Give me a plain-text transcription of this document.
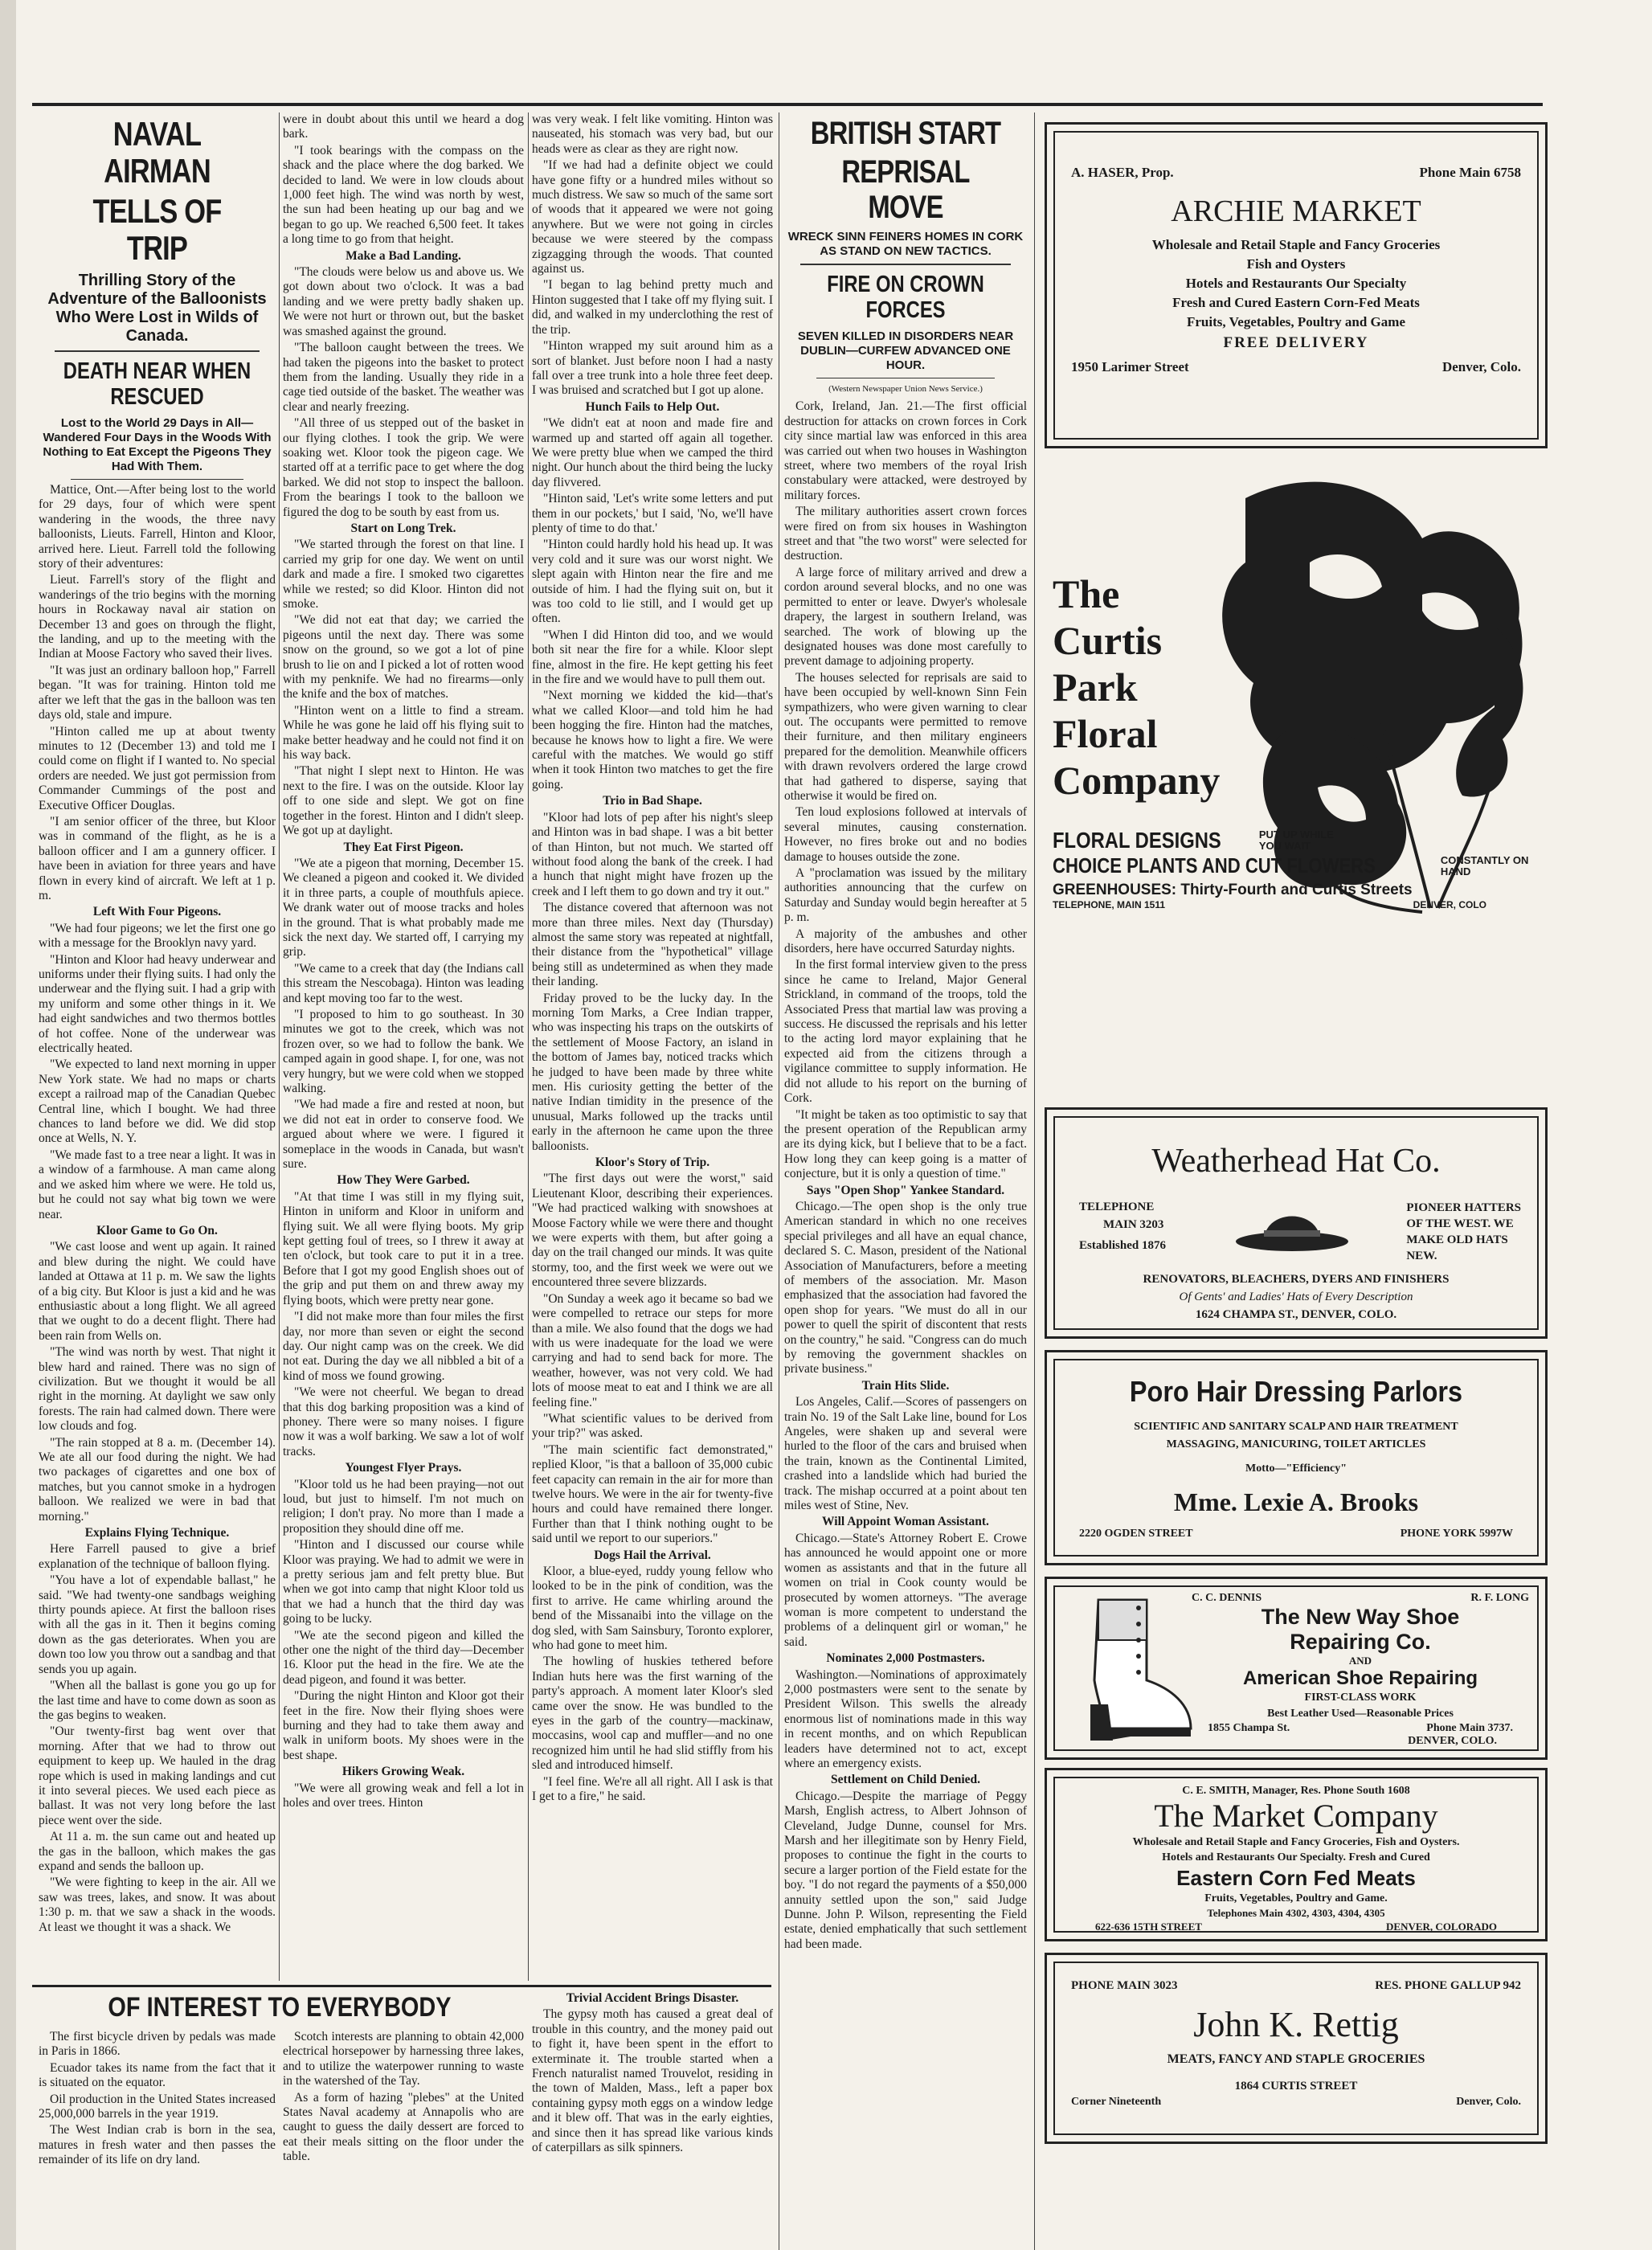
NAVAL AIRMAN
TELLS OF TRIP
Thrilling Story of the Adventure of the Balloonists Who Were Lost in Wilds of Canada.
DEATH NEAR WHEN RESCUED
Lost to the World 29 Days in All—Wandered Four Days in the Woods With Nothing to Eat Except the Pigeons They Had With Them.

Mattice, Ont.—After being lost to the world for 29 days, four of which were spent wandering in the woods, the three navy balloonists, Lieuts. Farrell, Hinton and Kloor, arrived here. Lieut. Farrell told the following story of their adventures:

Lieut. Farrell's story of the flight and wanderings of the trio begins with the morning hours in Rockaway naval air station on December 13 and goes on through the flight, the landing, and up to the meeting with the Indian at Moose Factory who saved their lives.

"It was just an ordinary balloon hop," Farrell began. "It was for training. Hinton told me after we left that the gas in the balloon was ten days old, stale and impure.

"Hinton called me up at about twenty minutes to 12 (December 13) and told me I could come on flight if I wanted to. No special orders are needed. We just got permission from Commander Cummings of the post and Executive Officer Douglas.

"I am senior officer of the three, but Kloor was in command of the flight, as he is a balloon officer and I am a gunnery officer. I have been in aviation for three years and have flown in every kind of aircraft. We left at 1 p. m.

Left With Four Pigeons.

"We had four pigeons; we let the first one go with a message for the Brooklyn navy yard.

"Hinton and Kloor had heavy underwear and uniforms under their flying suits. I had only the underwear and the flying suit. I had a grip with my uniform and some other things in it. We had eight sandwiches and two thermos bottles of hot coffee. None of the underwear was electrically heated.

"We expected to land next morning in upper New York state. We had no maps or charts except a railroad map of the Canadian Quebec Central line, which I bought. We had three chances to land before we did. We did stop once at Wells, N. Y.

"We made fast to a tree near a light. It was in a window of a farmhouse. A man came along and we asked him where we were. He told us, but he could not say what big town we were near.

Kloor Game to Go On.

"We cast loose and went up again. It rained and blew during the night. We could have landed at Ottawa at 11 p. m. We saw the lights of a big city. But Kloor is just a kid and he was enthusiastic about a long flight. We all agreed that we ought to do a decent flight. There had been rain from Wells on.

"The wind was north by west. That night it blew hard and rained. There was no sign of civilization. But we thought it would be all right in the morning. At daylight we saw only forests. The rain had calmed down. There were low clouds and fog.

"The rain stopped at 8 a. m. (December 14). We ate all our food during the night. We had two packages of cigarettes and one box of matches, but you cannot smoke in a hydrogen balloon. We realized we were in bad that morning."

Explains Flying Technique.

Here Farrell paused to give a brief explanation of the technique of balloon flying.

"You have a lot of expendable ballast," he said. "We had twenty-one sandbags weighing thirty pounds apiece. At first the balloon rises with all the gas in it. Then it begins coming down as the gas deteriorates. When you are down too low you throw out a sandbag and that sends you up again.

"When all the ballast is gone you go up for the last time and have to come down as soon as the gas begins to weaken.

"Our twenty-first bag went over that morning. After that we had to throw out equipment to keep up. We hauled in the drag rope which is used in making landings and cut it into several pieces. We used each piece as ballast. It was not very long before the last piece went over the side.

At 11 a. m. the sun came out and heated up the gas in the balloon, which makes the gas expand and sends the balloon up.

"We were fighting to keep in the air. All we saw was trees, lakes, and snow. It was about 1:30 p. m. that we saw a shack in the woods. At least we thought it was a shack. We

were in doubt about this until we heard a dog bark.

"I took bearings with the compass on the shack and the place where the dog barked. We decided to land. We were in low clouds about 1,000 feet high. The wind was north by west, the sun had been heating up our bag and we began to go up. We reached 6,500 feet. It takes a long time to go from that height.

Make a Bad Landing.

"The clouds were below us and above us. We got down about two o'clock. It was a bad landing and we were pretty badly shaken up. We were not hurt or thrown out, but the basket was smashed against the ground.

"The balloon caught between the trees. We had taken the pigeons into the basket to protect them from the landing. Usually they ride in a cage tied outside of the basket. The weather was clear and nearly freezing.

"All three of us stepped out of the basket in our flying clothes. I took the grip. We were soaking wet. Kloor took the pigeon cage. We started off at a terrific pace to get where the dog barked. We did not stop to inspect the balloon. From the bearings I took to the balloon we figured the dog to be south by east from us.

Start on Long Trek.

"We started through the forest on that line. I carried my grip for one day. We went on until dark and made a fire. I smoked two cigarettes while we rested; so did Kloor. Hinton did not smoke.

"We did not eat that day; we carried the pigeons until the next day. There was some snow on the ground, so we got a lot of pine brush to lie on and I picked a lot of rotten wood with my penknife. We had no firearms—only the knife and the box of matches.

"Hinton went on a little to find a stream. While he was gone he laid off his flying suit to make better headway and he could not find it on his way back.

"That night I slept next to Hinton. He was next to the fire. I was on the outside. Kloor lay off to one side and slept. We got on fine together in the forest. Hinton and I didn't sleep. We got up at daylight.

They Eat First Pigeon.

"We ate a pigeon that morning, December 15. We cleaned a pigeon and cooked it. We divided it in three parts, a couple of mouthfuls apiece. We drank water out of moose tracks and holes in the ground. That is what probably made me sick the next day. We started off, I carrying my grip.

"We came to a creek that day (the Indians call this stream the Nescobaga). Hinton was leading and kept moving too far to the west.

"I proposed to him to go southeast. In 30 minutes we got to the creek, which was not frozen over, so we had to follow the bank. We camped again in good shape. I, for one, was not very hungry, but we were cold when we stopped walking.

"We had made a fire and rested at noon, but we did not eat in order to conserve food. We argued about where we were. I figured it someplace in the woods in Canada, but wasn't sure.

How They Were Garbed.

"At that time I was still in my flying suit, Hinton in uniform and Kloor in uniform and flying suit. We all were flying boots. My grip kept getting foul of trees, so I threw it away at ten o'clock, but took care to put it in a tree. Before that I got my good English shoes out of the grip and put them on and threw away my flying boots, which were pretty near gone.

"I did not make more than four miles the first day, nor more than seven or eight the second day. Our night camp was on the creek. We did not eat. During the day we all nibbled a bit of a kind of moss we found growing.

"We were not cheerful. We began to dread that this dog barking proposition was a kind of phoney. There were so many noises. I figure now it was a wolf barking. We saw a lot of wolf tracks.

Youngest Flyer Prays.

"Kloor told us he had been praying—not out loud, but just to himself. I'm not much on religion; I don't pray. No more than I made a proposition they should dine off me.

"Hinton and I discussed our course while Kloor was praying. We had to admit we were in a pretty serious jam and felt pretty blue. But when we got into camp that night Kloor told us that we had a hunch that the third day was going to be lucky.

"We ate the second pigeon and killed the other one the night of the third day—December 16. Kloor put the head in the fire. We ate the dead pigeon, and found it was better.

"During the night Hinton and Kloor got their feet in the fire. Now their flying shoes were burning and they had to take them away and walk in uniform boots. My shoes were in the best shape.

Hikers Growing Weak.

"We were all growing weak and fell a lot in holes and over trees. Hinton

was very weak. I felt like vomiting. Hinton was nauseated, his stomach was very bad, but our heads were as clear as they are right now.

"If we had had a definite object we could have gone fifty or a hundred miles without so much distress. We saw so much of the same sort of woods that it appeared we were not going anywhere. But we were not going in circles because we were steered by the compass zigzagging through the woods. That counted against us.

"I began to lag behind pretty much and Hinton suggested that I take off my flying suit. I did, and walked in my underclothing the rest of the trip.

"Hinton wrapped my suit around him as a sort of blanket. Just before noon I had a nasty fall over a tree trunk into a hole three feet deep. I was bruised and scratched but I got up alone.

Hunch Fails to Help Out.

"We didn't eat at noon and made fire and warmed up and started off again all together. We were pretty blue when we camped the third night. Our hunch about the third being the lucky day flivvered.

"Hinton said, 'Let's write some letters and put them in our pockets,' but I said, 'No, we'll have plenty of time to do that.'

"Hinton could hardly hold his head up. It was very cold and it sure was our worst night. We slept again with Hinton near the fire and me outside of him. I had the flying suit on, but it was too cold to lie still, and I would get up often.

"When I did Hinton did too, and we would both sit near the fire for a while. Kloor slept fine, almost in the fire. He kept getting his feet in the fire and we would have to pull them out.

"Next morning we kidded the kid—that's what we called Kloor—and told him he had been hogging the fire. Hinton had the matches, because he knows how to light a fire. We were careful with the matches. We would go stiff when it took Hinton two matches to get the fire going.

Trio in Bad Shape.

"Kloor had lots of pep after his night's sleep and Hinton was in bad shape. I was a bit better of than Hinton, but not much. We started off without food along the bank of the creek. I had a hunch that night might have frozen up the creek and I left them to go down and try it out."

The distance covered that afternoon was not more than three miles. Next day (Thursday) almost the same story was repeated at nightfall, their distance from the "hypothetical" village being still as undetermined as when they made their landing.

Friday proved to be the lucky day. In the morning Tom Marks, a Cree Indian trapper, who was inspecting his traps on the outskirts of the settlement of Moose Factory, an island in the bottom of James bay, noticed tracks which he judged to have been made by three white men. His curiosity getting the better of the native Indian timidity in the presence of the unusual, Marks followed up the tracks until early in the afternoon he came upon the three balloonists.

Kloor's Story of Trip.

"The first days out were the worst," said Lieutenant Kloor, describing their experiences. "We had practiced walking with snowshoes at Moose Factory while we were there and thought we were experts with them, but after going a day on the trail changed our minds. It was quite stormy, too, and the first week we were out we encountered three severe blizzards.

"On Sunday a week ago it became so bad we were compelled to retrace our steps for more than a mile. We also found that the dogs we had with us were inadequate for the load we were carrying and had to send back for more. The weather, however, was not very cold. We had lots of moose meat to eat and I think we are all feeling fine."

"What scientific values to be derived from your trip?" was asked.

"The main scientific fact demonstrated," replied Kloor, "is that a balloon of 35,000 cubic feet capacity can remain in the air for more than twelve hours. We were in the air for twenty-five hours and could have remained there longer. Further than that I think nothing ought to be said until we report to our superiors."

Dogs Hail the Arrival.

Kloor, a blue-eyed, ruddy young fellow who looked to be in the pink of condition, was the first to arrive. He came whirling around the bend of the Missanaibi into the village on the dog sled, with Sam Sainsbury, Toronto explorer, who had gone to meet him.

The howling of huskies tethered before Indian huts here was the first warning of the party's approach. A moment later Kloor's sled came over the snow. He was bundled to the eyes in the garb of the country—mackinaw, moccasins, wool cap and muffler—and no one recognized him until he had slid stiffly from his sled and introduced himself.

"I feel fine. We're all all right. All I ask is that I get to a fire," he said.

BRITISH START
REPRISAL MOVE
WRECK SINN FEINERS HOMES IN CORK AS STAND ON NEW TACTICS.
FIRE ON CROWN FORCES
SEVEN KILLED IN DISORDERS NEAR DUBLIN—CURFEW ADVANCED ONE HOUR.
(Western Newspaper Union News Service.)

Cork, Ireland, Jan. 21.—The first official destruction for attacks on crown forces in Cork city since martial law was enforced in this area was carried out when two houses in Washington street, where two members of the royal Irish constabulary were attacked, were destroyed by military forces.

The military authorities assert crown forces were fired on from six houses in Washington street and that "the two worst" were selected for destruction.

A large force of military arrived and drew a cordon around several blocks, and no one was permitted to enter or leave. Dwyer's wholesale drapery, the largest in southern Ireland, was searched. The work of blowing up the designated houses was done most carefully to prevent damage to adjoining property.

The houses selected for reprisals are said to have been occupied by well-known Sinn Fein sympathizers, who were given warning to clear out. The occupants were permitted to remove their furniture, and then military engineers prepared for the demolition. Meanwhile officers with drawn revolvers ordered the large crowd that had gathered to disperse, saying that otherwise it would be fired on.

Ten loud explosions followed at intervals of several minutes, causing consternation. However, no fires broke out and no bodies damage to houses outside the zone.

A "proclamation was issued by the military authorities announcing that the curfew on Saturday and Sunday would begin hereafter at 5 p. m.

A majority of the ambushes and other disorders, here have occurred Saturday nights.

In the first formal interview given to the press since he came to Ireland, Major General Strickland, in command of the troops, told the Associated Press that martial law was proving a success. He discussed the reprisals and his letter to the acting lord mayor explaining that he expected aid from the citizens through a vigilance committee to supply information. He did not allude to his report on the burning of Cork.

"It might be taken as too optimistic to say that the present operation of the Republican army are its dying kick, but I believe that to be a fact. How long they can keep going is a matter of conjecture, but it is only a question of time."

Says "Open Shop" Yankee Standard.

Chicago.—The open shop is the only true American standard in which no one receives special privileges and all have an equal chance, declared S. C. Mason, president of the National Association of Manufacturers, before a meeting of members of the association. Mr. Mason emphasized that the association had favored the open shop for years. "We must do all in our power to quell the spirit of discontent that rests on the country," he said. "Congress can do much by removing the government shackles on private business."

Train Hits Slide.

Los Angeles, Calif.—Scores of passengers on train No. 19 of the Salt Lake line, bound for Los Angeles, were shaken up and several were hurled to the floor of the cars and bruised when the train, known as the Continental Limited, crashed into a landslide which had buried the track. The mishap occurred at a point about ten miles west of Stine, Nev.

Will Appoint Woman Assistant.

Chicago.—State's Attorney Robert E. Crowe has announced he would appoint one or more women as assistants and that in the future all women on trial in Cook county would be prosecuted by women attorneys. "The average woman is more competent to understand the problems of a delinquent girl or woman," he said.

Nominates 2,000 Postmasters.

Washington.—Nominations of approximately 2,000 postmasters were sent to the senate by President Wilson. This swells the already enormous list of nominations made in this way in recent months, and on which Republican leaders have determined not to act, except where an emergency exists.

Settlement on Child Denied.

Chicago.—Despite the marriage of Peggy Marsh, English actress, to Albert Johnson of Cleveland, Judge Dunne, counsel for Mrs. Marsh and her illegitimate son by Henry Field, proposes to continue the fight in the courts to secure a larger portion of the Field estate for the boy. "I do not regard the payments of a $50,000 annuity settled upon the son," said Judge Dunne. John P. Wilson, representing the Field estate, denied emphatically that such settlement had been made.

OF INTEREST TO EVERYBODY

The first bicycle driven by pedals was made in Paris in 1866.

Ecuador takes its name from the fact that it is situated on the equator.

Oil production in the United States increased 25,000,000 barrels in the year 1919.

The West Indian crab is born in the sea, matures in fresh water and then passes the remainder of its life on dry land.

Scotch interests are planning to obtain 42,000 electrical horsepower by harnessing three lakes, and to utilize the waterpower running to waste in the watershed of the Tay.

As a form of hazing "plebes" at the United States Naval academy at Annapolis who are caught to guess the daily dessert are forced to eat their meals sitting on the floor under the table.

Trivial Accident Brings Disaster.

The gypsy moth has caused a great deal of trouble in this country, and the money paid out to fight it, have been spent in the effort to exterminate it. The trouble started when a French naturalist named Trouvelot, residing in the town of Malden, Mass., left a paper box containing gypsy moth eggs on a window ledge and it blew off. That was in the early eighties, and since then it has spread like various kinds of caterpillars as silk spinners.

A. HASER, Prop.	Phone Main 6758
ARCHIE MARKET
Wholesale and Retail Staple and Fancy Groceries
Fish and Oysters
Hotels and Restaurants Our Specialty
Fresh and Cured Eastern Corn-Fed Meats
Fruits, Vegetables, Poultry and Game
FREE DELIVERY
1950 Larimer Street	Denver, Colo.
The
Curtis
Park
Floral
Company
FLORAL DESIGNS	PUT UP WHILE YOU WAIT
CHOICE PLANTS AND CUT FLOWERS	CONSTANTLY ON HAND
GREENHOUSES: Thirty-Fourth and Curtis Streets
TELEPHONE, MAIN 1511	DENVER, COLO
Weatherhead Hat Co.
TELEPHONE
MAIN 3203
Established 1876
PIONEER HATTERS
OF THE WEST. WE
MAKE OLD HATS
NEW.
RENOVATORS, BLEACHERS, DYERS AND FINISHERS
Of Gents' and Ladies' Hats of Every Description
1624 CHAMPA ST., DENVER, COLO.
Poro Hair Dressing Parlors
SCIENTIFIC AND SANITARY SCALP AND HAIR TREATMENT
MASSAGING, MANICURING, TOILET ARTICLES
Motto—"Efficiency"
Mme. Lexie A. Brooks
2220 OGDEN STREET	PHONE YORK 5997W
C. C. DENNIS	R. F. LONG
The New Way Shoe
Repairing Co.
AND
American Shoe Repairing
FIRST-CLASS WORK
Best Leather Used—Reasonable Prices
1855 Champa St.	Phone Main 3737.
DENVER, COLO.
C. E. SMITH, Manager, Res. Phone South 1608
The Market Company
Wholesale and Retail Staple and Fancy Groceries, Fish and Oysters.
Hotels and Restaurants Our Specialty. Fresh and Cured
Eastern Corn Fed Meats
Fruits, Vegetables, Poultry and Game.
Telephones Main 4302, 4303, 4304, 4305
622-636 15TH STREET	DENVER, COLORADO
PHONE MAIN 3023	RES. PHONE GALLUP 942
John K. Rettig
MEATS, FANCY AND STAPLE GROCERIES
1864 CURTIS STREET
Corner Nineteenth	Denver, Colo.
